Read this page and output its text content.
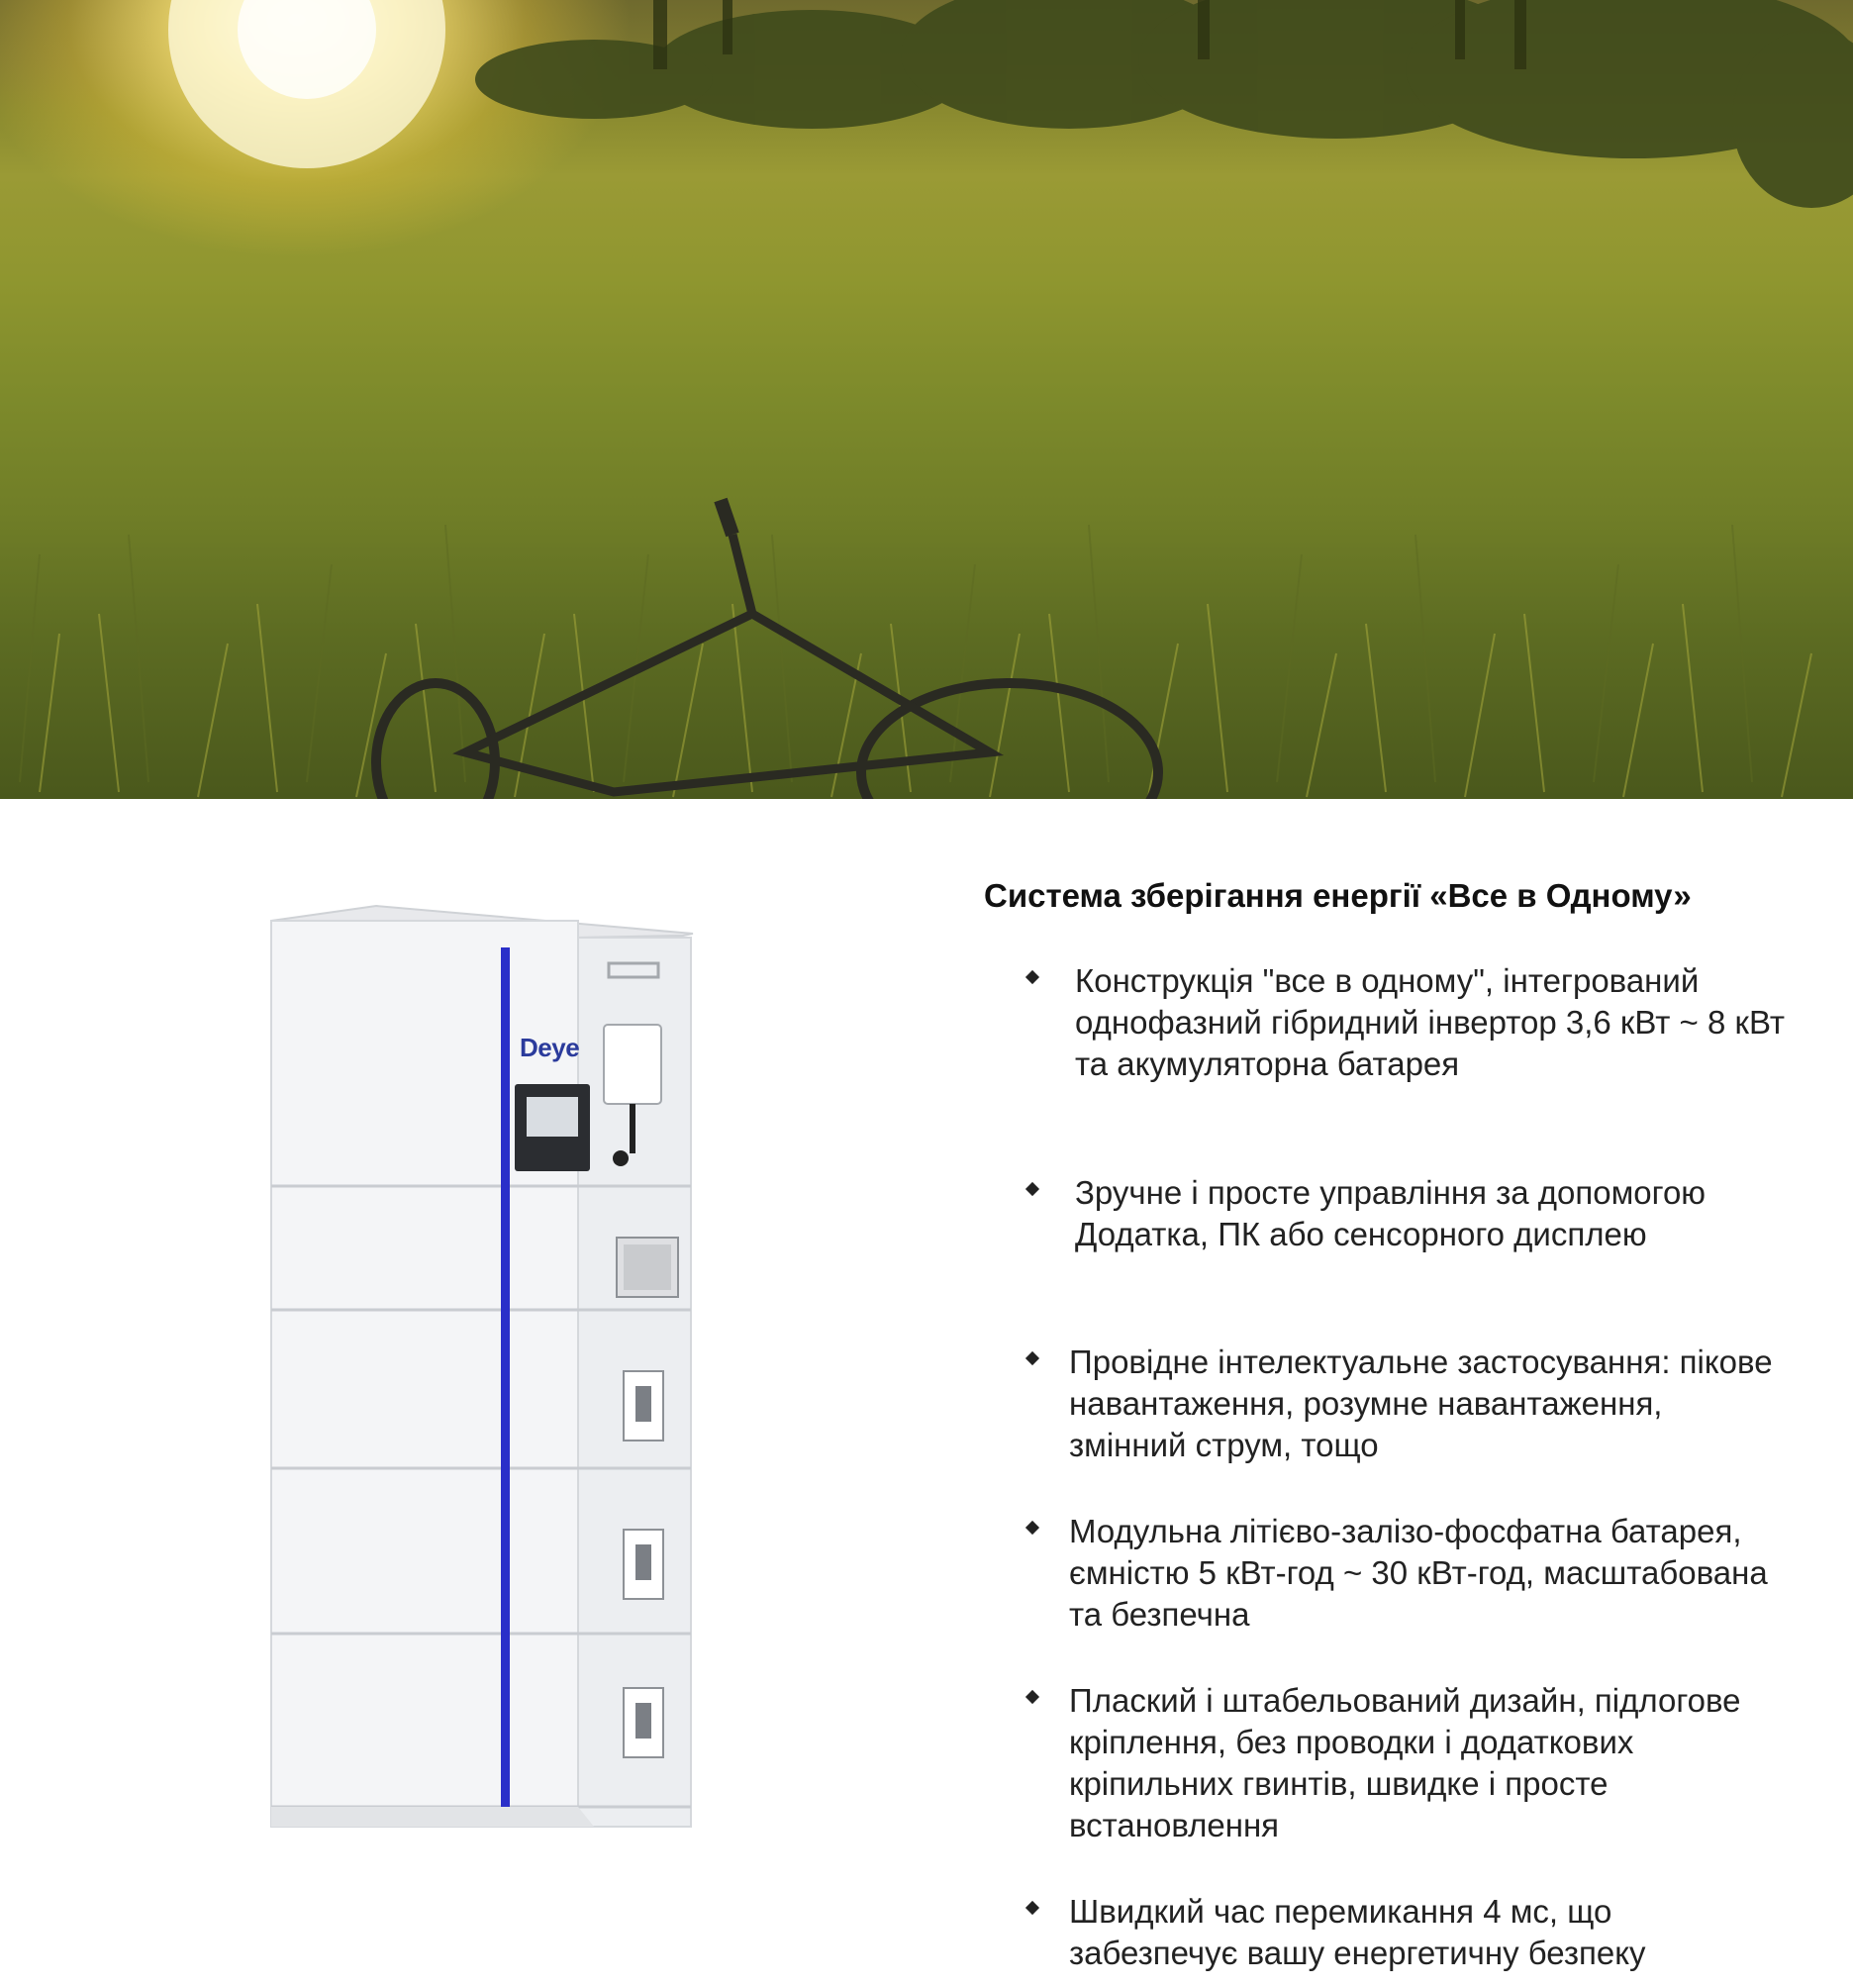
Deye
Система зберігання енергії «Все в Одному»
Конструкція "все в одному", інтегрований однофазний гібридний інвертор 3,6 кВт ~ 8 кВт та акумуляторна батарея
Зручне і просте управління за допомогою Додатка, ПК або сенсорного дисплею
Провідне інтелектуальне застосування: пікове навантаження, розумне навантаження, змінний струм, тощо
Модульна літієво-залізо-фосфатна батарея, ємністю 5 кВт-год ~ 30 кВт-год, масштабована та безпечна
Плаский і штабельований дизайн, підлогове кріплення, без проводки і додаткових кріпильних гвинтів, швидке і просте встановлення
Швидкий час перемикання 4 мс, що забезпечує вашу енергетичну безпеку
